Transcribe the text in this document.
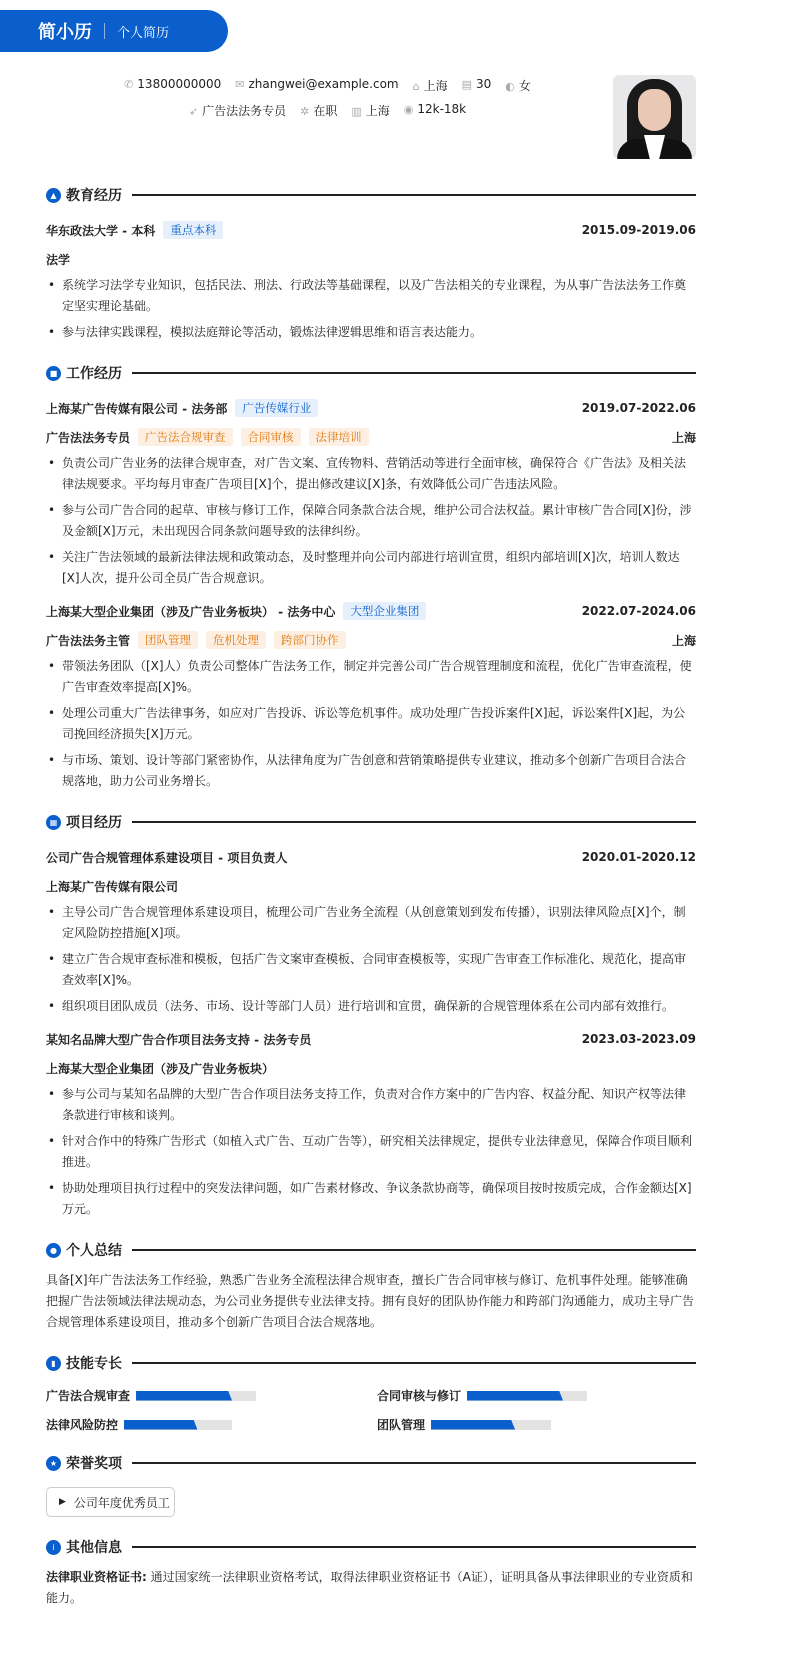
简小历 个人简历
✆ 13800000000 ✉ zhangwei@example.com ⌂ 上海 ▤ 30 ◐ 女
➶ 广告法法务专员 ✲ 在职 ▥ 上海 ◉ 12k-18k
▲ 教育经历
华东政法大学 - 本科	重点本科	2015.09-2019.06
法学
• 系统学习法学专业知识，包括民法、刑法、行政法等基础课程，以及广告法相关的专业课程，为从事广告法法务工作奠定坚实理论基础。
• 参与法律实践课程，模拟法庭辩论等活动，锻炼法律逻辑思维和语言表达能力。
■ 工作经历
上海某广告传媒有限公司 - 法务部	广告传媒行业	2019.07-2022.06
广告法法务专员	广告法合规审查	合同审核	法律培训	上海
• 负责公司广告业务的法律合规审查，对广告文案、宣传物料、营销活动等进行全面审核，确保符合《广告法》及相关法律法规要求。平均每月审查广告项目[X]个，提出修改建议[X]条，有效降低公司广告违法风险。
• 参与公司广告合同的起草、审核与修订工作，保障合同条款合法合规，维护公司合法权益。累计审核广告合同[X]份，涉及金额[X]万元，未出现因合同条款问题导致的法律纠纷。
• 关注广告法领域的最新法律法规和政策动态，及时整理并向公司内部进行培训宣贯，组织内部培训[X]次，培训人数达[X]人次，提升公司全员广告合规意识。
上海某大型企业集团（涉及广告业务板块） - 法务中心	大型企业集团	2022.07-2024.06
广告法法务主管	团队管理	危机处理	跨部门协作	上海
• 带领法务团队（[X]人）负责公司整体广告法务工作，制定并完善公司广告合规管理制度和流程，优化广告审查流程，使广告审查效率提高[X]%。
• 处理公司重大广告法律事务，如应对广告投诉、诉讼等危机事件。成功处理广告投诉案件[X]起，诉讼案件[X]起，为公司挽回经济损失[X]万元。
• 与市场、策划、设计等部门紧密协作，从法律角度为广告创意和营销策略提供专业建议，推动多个创新广告项目合法合规落地，助力公司业务增长。
▦ 项目经历
公司广告合规管理体系建设项目 - 项目负责人	2020.01-2020.12
上海某广告传媒有限公司
• 主导公司广告合规管理体系建设项目，梳理公司广告业务全流程（从创意策划到发布传播），识别法律风险点[X]个，制定风险防控措施[X]项。
• 建立广告合规审查标准和模板，包括广告文案审查模板、合同审查模板等，实现广告审查工作标准化、规范化，提高审查效率[X]%。
• 组织项目团队成员（法务、市场、设计等部门人员）进行培训和宣贯，确保新的合规管理体系在公司内部有效推行。
某知名品牌大型广告合作项目法务支持 - 法务专员	2023.03-2023.09
上海某大型企业集团（涉及广告业务板块）
• 参与公司与某知名品牌的大型广告合作项目法务支持工作，负责对合作方案中的广告内容、权益分配、知识产权等法律条款进行审核和谈判。
• 针对合作中的特殊广告形式（如植入式广告、互动广告等），研究相关法律规定，提供专业法律意见，保障合作项目顺利推进。
• 协助处理项目执行过程中的突发法律问题，如广告素材修改、争议条款协商等，确保项目按时按质完成，合作金额达[X]万元。
● 个人总结
具备[X]年广告法法务工作经验，熟悉广告业务全流程法律合规审查，擅长广告合同审核与修订、危机事件处理。能够准确把握广告法领域法律法规动态，为公司业务提供专业法律支持。拥有良好的团队协作能力和跨部门沟通能力，成功主导广告合规管理体系建设项目，推动多个创新广告项目合法合规落地。
▮ 技能专长
广告法合规审查	合同审核与修订
法律风险防控	团队管理
★ 荣誉奖项
▶ 公司年度优秀员工
i 其他信息
法律职业资格证书: 通过国家统一法律职业资格考试，取得法律职业资格证书（A证），证明具备从事法律职业的专业资质和能力。
